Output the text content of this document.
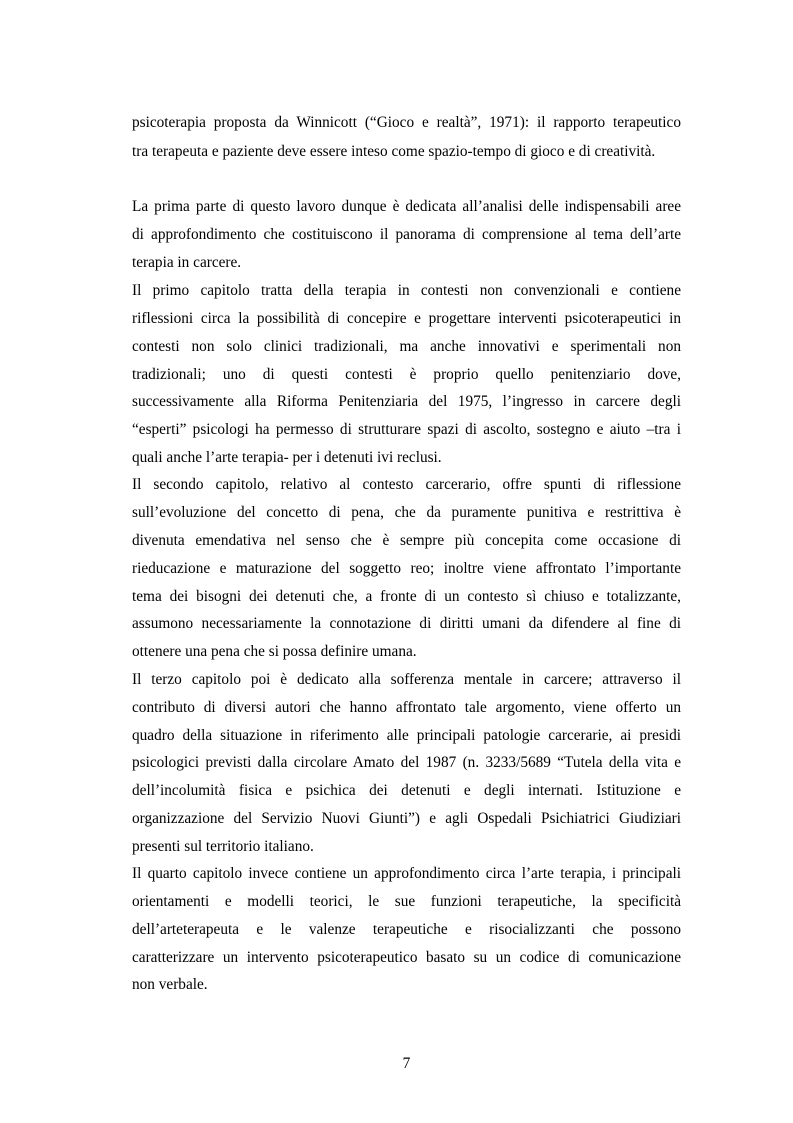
psicoterapia proposta da Winnicott (“Gioco e realtà”, 1971): il rapporto terapeutico
tra terapeuta e paziente deve essere inteso come spazio-tempo di gioco e di creatività.
La prima parte di questo lavoro dunque è dedicata all’analisi delle indispensabili aree
di approfondimento che costituiscono il panorama di comprensione al tema dell’arte
terapia in carcere.
Il primo capitolo tratta della terapia in contesti non convenzionali e contiene
riflessioni circa la possibilità di concepire e progettare interventi psicoterapeutici in
contesti non solo clinici tradizionali, ma anche innovativi e sperimentali non
tradizionali; uno di questi contesti è proprio quello penitenziario dove,
successivamente alla Riforma Penitenziaria del 1975, l’ingresso in carcere degli
“esperti” psicologi ha permesso di strutturare spazi di ascolto, sostegno e aiuto –tra i
quali anche l’arte terapia- per i detenuti ivi reclusi.
Il secondo capitolo, relativo al contesto carcerario, offre spunti di riflessione
sull’evoluzione del concetto di pena, che da puramente punitiva e restrittiva è
divenuta emendativa nel senso che è sempre più concepita come occasione di
rieducazione e maturazione del soggetto reo; inoltre viene affrontato l’importante
tema dei bisogni dei detenuti che, a fronte di un contesto sì chiuso e totalizzante,
assumono necessariamente la connotazione di diritti umani da difendere al fine di
ottenere una pena che si possa definire umana.
Il terzo capitolo poi è dedicato alla sofferenza mentale in carcere; attraverso il
contributo di diversi autori che hanno affrontato tale argomento, viene offerto un
quadro della situazione in riferimento alle principali patologie carcerarie, ai presidi
psicologici previsti dalla circolare Amato del 1987 (n. 3233/5689 “Tutela della vita e
dell’incolumità fisica e psichica dei detenuti e degli internati. Istituzione e
organizzazione del Servizio Nuovi Giunti”) e agli Ospedali Psichiatrici Giudiziari
presenti sul territorio italiano.
Il quarto capitolo invece contiene un approfondimento circa l’arte terapia, i principali
orientamenti e modelli teorici, le sue funzioni terapeutiche, la specificità
dell’arteterapeuta e le valenze terapeutiche e risocializzanti che possono
caratterizzare un intervento psicoterapeutico basato su un codice di comunicazione
non verbale.
7
